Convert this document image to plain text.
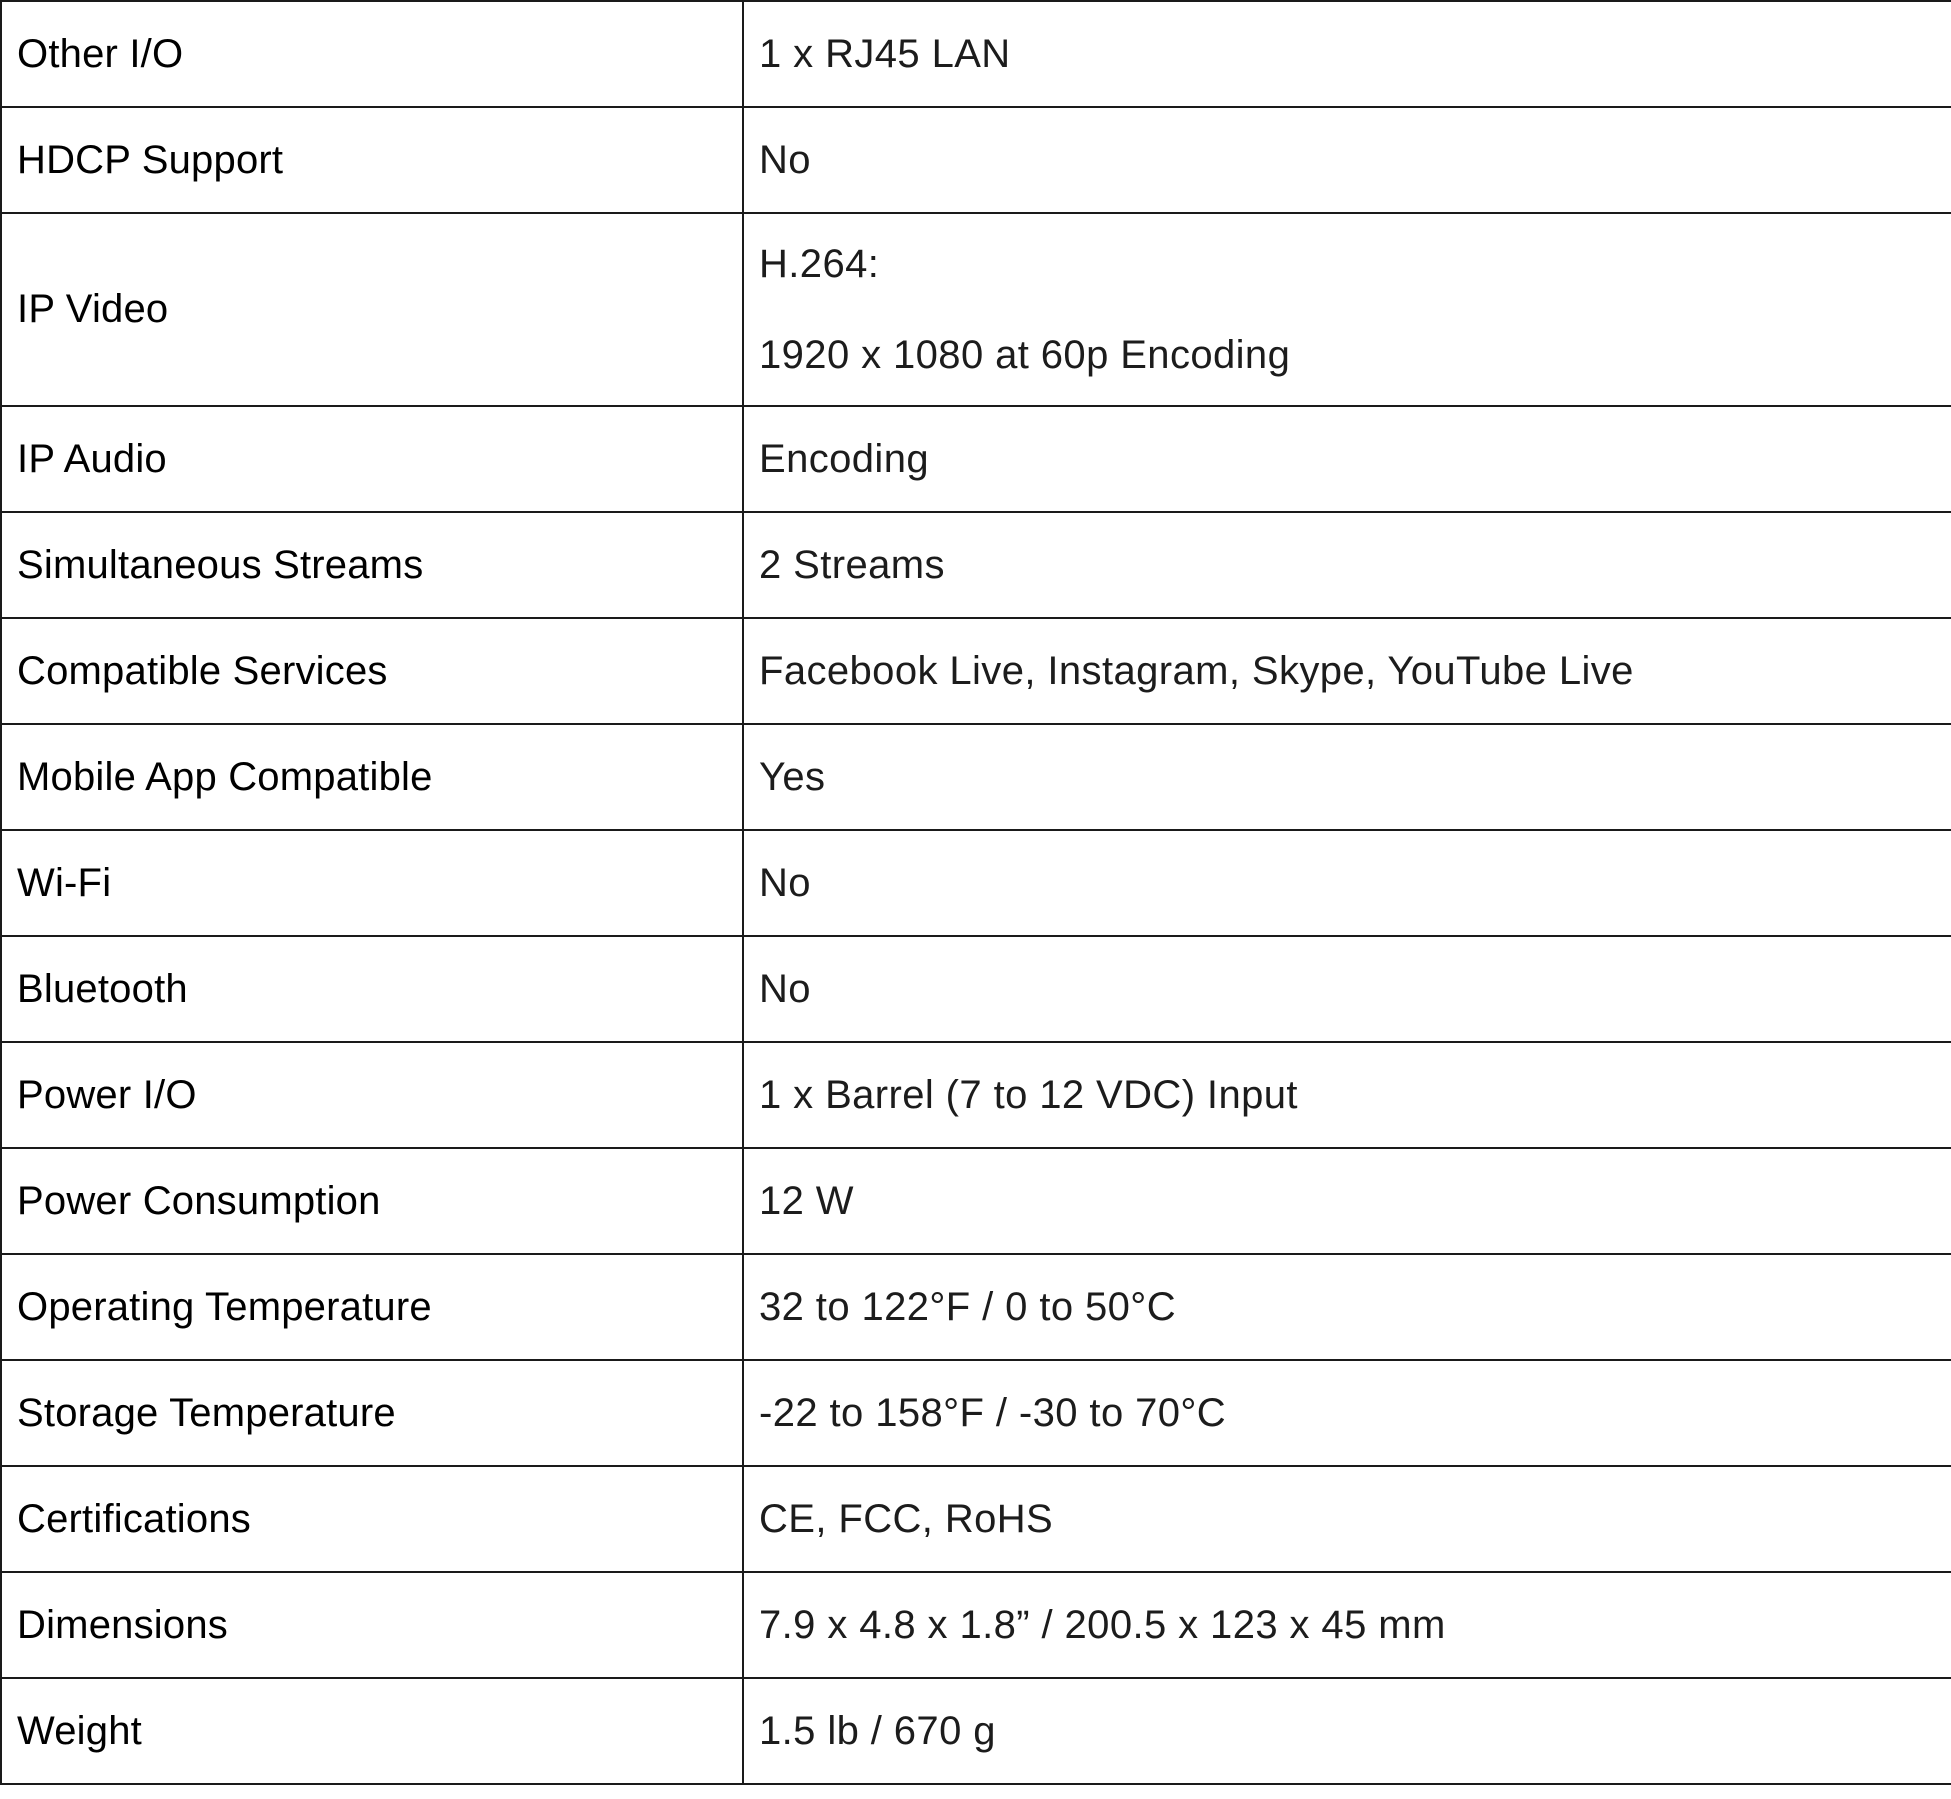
Other I/O	1 x RJ45 LAN

HDCP Support	No

IP Video	H.264:
1920 x 1080 at 60p Encoding

IP Audio	Encoding

Simultaneous Streams	2 Streams

Compatible Services	Facebook Live, Instagram, Skype, YouTube Live

Mobile App Compatible	Yes

Wi-Fi	No

Bluetooth	No

Power I/O	1 x Barrel (7 to 12 VDC) Input

Power Consumption	12 W

Operating Temperature	32 to 122°F / 0 to 50°C

Storage Temperature	-22 to 158°F / -30 to 70°C

Certifications	CE, FCC, RoHS

Dimensions	7.9 x 4.8 x 1.8” / 200.5 x 123 x 45 mm

Weight	1.5 lb / 670 g
